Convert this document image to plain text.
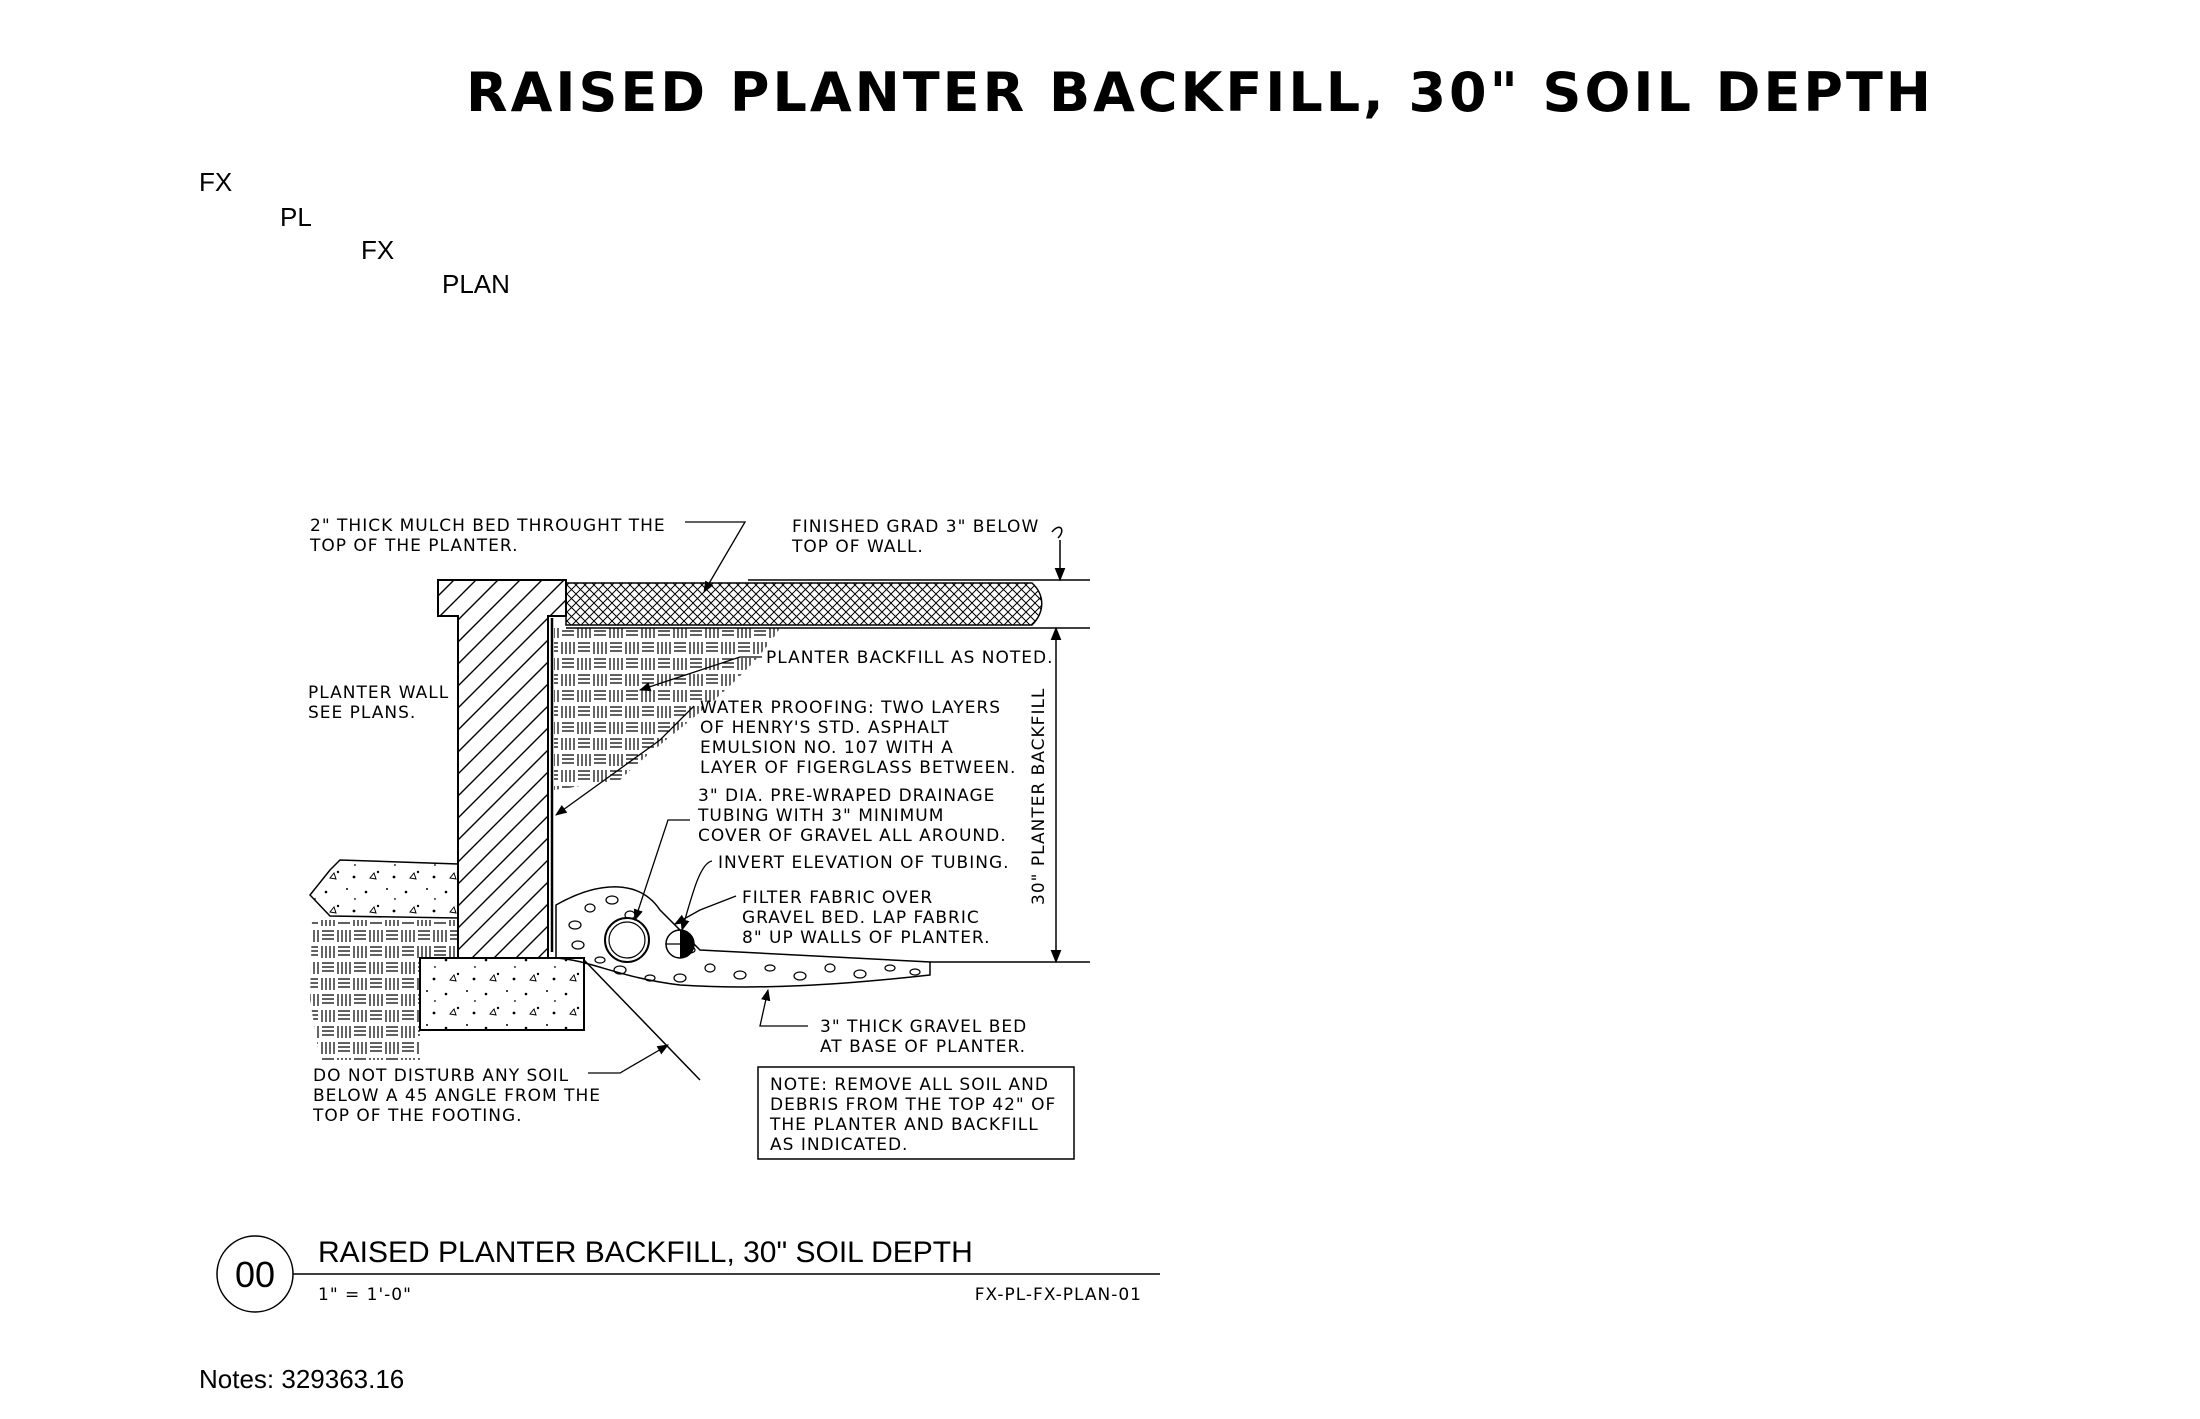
RAISED PLANTER BACKFILL, 30" SOIL DEPTH
FX
PL
FX
PLAN
2" THICK MULCH BED THROUGHT THE
TOP OF THE PLANTER.
FINISHED GRAD 3" BELOW
TOP OF WALL.
PLANTER WALL
SEE PLANS.
PLANTER BACKFILL AS NOTED.
WATER PROOFING: TWO LAYERS
OF HENRY'S STD. ASPHALT
EMULSION NO. 107 WITH A
LAYER OF FIGERGLASS BETWEEN.
3" DIA. PRE-WRAPED DRAINAGE
TUBING WITH 3" MINIMUM
COVER OF GRAVEL ALL AROUND.
INVERT ELEVATION OF TUBING.
FILTER FABRIC OVER
GRAVEL BED. LAP FABRIC
8" UP WALLS OF PLANTER.
3" THICK GRAVEL BED
AT BASE OF PLANTER.
DO NOT DISTURB ANY SOIL
BELOW A 45 ANGLE FROM THE
TOP OF THE FOOTING.
NOTE: REMOVE ALL SOIL AND
DEBRIS FROM THE TOP 42" OF
THE PLANTER AND BACKFILL
AS INDICATED.
30" PLANTER BACKFILL
00
RAISED PLANTER BACKFILL, 30" SOIL DEPTH
1" = 1'-0"	FX-PL-FX-PLAN-01
Notes: 329363.16
